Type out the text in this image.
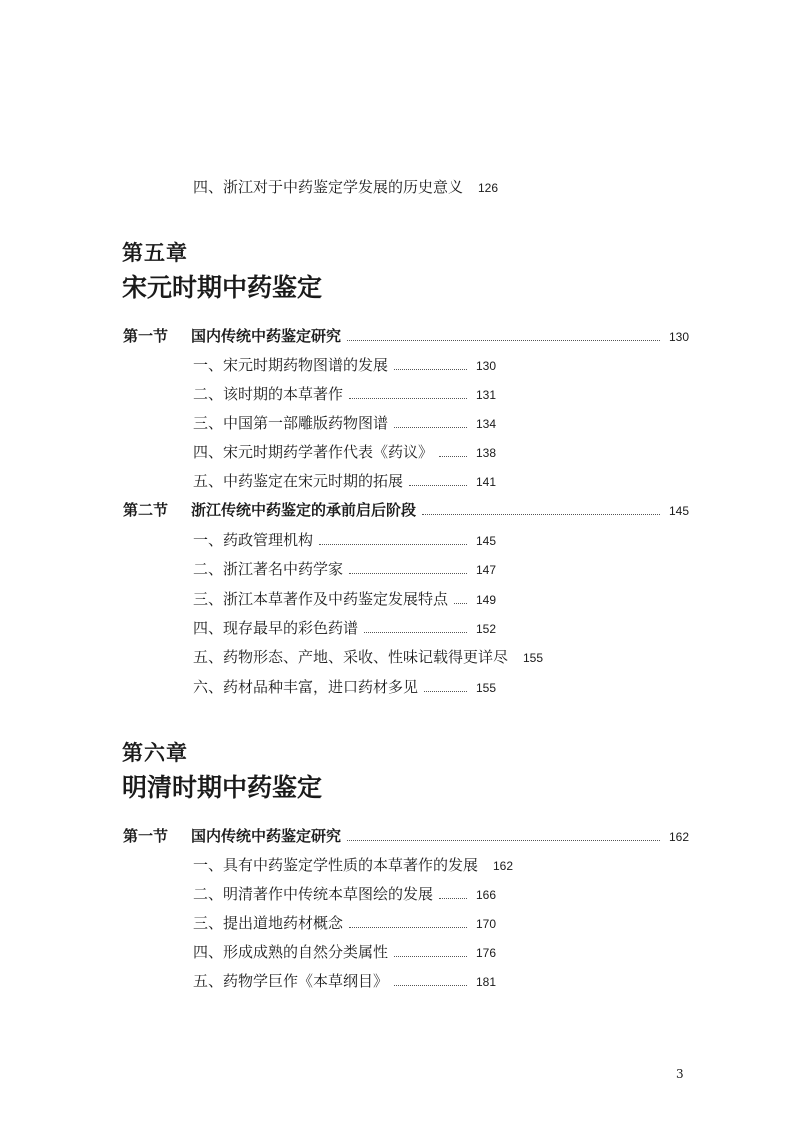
四、浙江对于中药鉴定学发展的历史意义	126
第五章
宋元时期中药鉴定
第一节 国内传统中药鉴定研究	130
一、宋元时期药物图谱的发展	130
二、该时期的本草著作	131
三、中国第一部雕版药物图谱	134
四、宋元时期药学著作代表《药议》	138
五、中药鉴定在宋元时期的拓展	141
第二节 浙江传统中药鉴定的承前启后阶段	145
一、药政管理机构	145
二、浙江著名中药学家	147
三、浙江本草著作及中药鉴定发展特点	149
四、现存最早的彩色药谱	152
五、药物形态、产地、采收、性味记载得更详尽	155
六、药材品种丰富，进口药材多见	155
第六章
明清时期中药鉴定
第一节 国内传统中药鉴定研究	162
一、具有中药鉴定学性质的本草著作的发展	162
二、明清著作中传统本草图绘的发展	166
三、提出道地药材概念	170
四、形成成熟的自然分类属性	176
五、药物学巨作《本草纲目》	181
3
